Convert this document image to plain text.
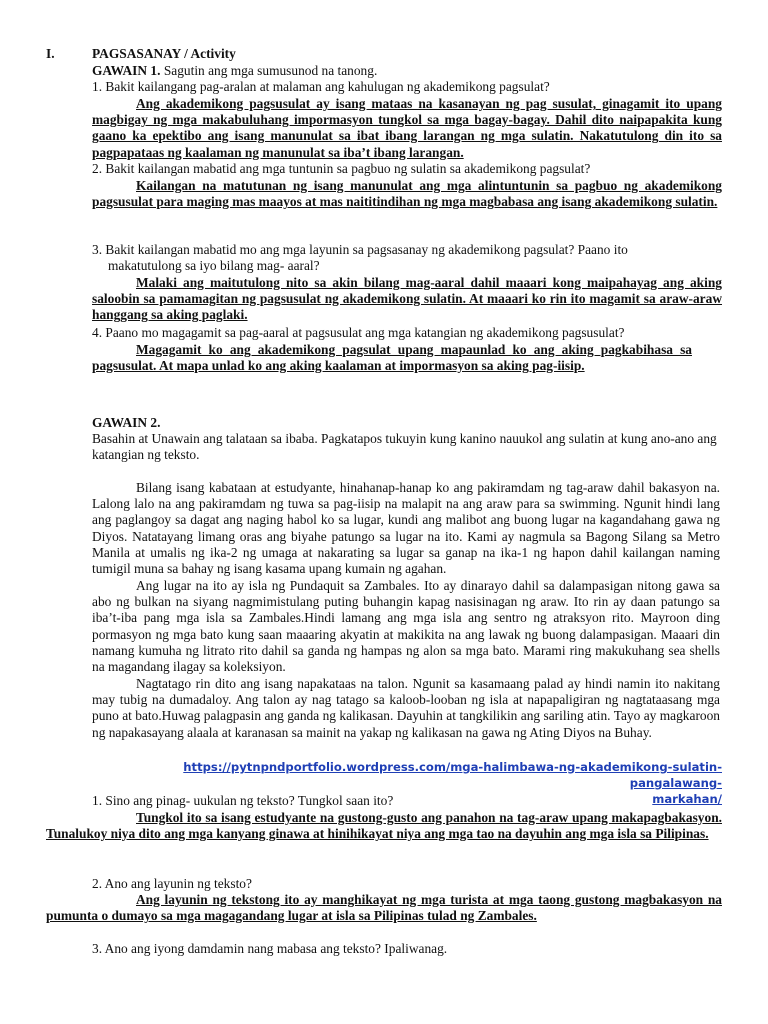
I.	PAGSASANAY / Activity
GAWAIN 1. Sagutin ang mga sumusunod na tanong.
1. Bakit kailangang pag-aralan at malaman ang kahulugan ng akademikong pagsulat?
Ang akademikong pagsusulat ay isang mataas na kasanayan ng pag susulat, ginagamit ito upang magbigay ng mga makabuluhang impormasyon tungkol sa mga bagay-bagay. Dahil dito naipapakita kung gaano ka epektibo ang isang manunulat sa ibat ibang larangan ng mga sulatin. Nakatutulong din ito sa pagpapataas ng kaalaman ng manunulat sa iba’t ibang larangan.
2. Bakit kailangan mabatid ang mga tuntunin sa pagbuo ng sulatin sa akademikong pagsulat?
Kailangan na matutunan ng isang manunulat ang mga alintuntunin sa pagbuo ng akademikong pagsusulat para maging mas maayos at mas naititindihan ng mga magbabasa ang isang akademikong sulatin.
3. Bakit kailangan mabatid mo ang mga layunin sa pagsasanay ng akademikong pagsulat? Paano ito
makatutulong sa iyo bilang mag- aaral?
Malaki ang maitutulong nito sa akin bilang mag-aaral dahil maaari kong maipahayag ang aking saloobin sa pamamagitan ng pagsusulat ng akademikong sulatin. At maaari ko rin ito magamit sa araw-araw hanggang sa aking paglaki.
4. Paano mo magagamit sa pag-aaral at pagsusulat ang mga katangian ng akademikong pagsusulat?
Magagamit ko ang akademikong pagsulat upang mapaunlad ko ang aking pagkabihasa sa pagsusulat. At mapa unlad ko ang aking kaalaman at impormasyon sa aking pag-iisip.
GAWAIN 2.
Basahin at Unawain ang talataan sa ibaba. Pagkatapos tukuyin kung kanino nauukol ang sulatin at kung ano-ano ang katangian ng teksto.
Bilang isang kabataan at estudyante, hinahanap-hanap ko ang pakiramdam ng tag-araw dahil bakasyon na. Lalong lalo na ang pakiramdam ng tuwa sa pag-iisip na malapit na ang araw para sa swimming. Ngunit hindi lang ang paglangoy sa dagat ang naging habol ko sa lugar, kundi ang malibot ang buong lugar na kagandahang gawa ng Diyos. Natatayang limang oras ang biyahe patungo sa lugar na ito. Kami ay nagmula sa Bagong Silang sa Metro Manila at umalis ng ika-2 ng umaga at nakarating sa lugar sa ganap na ika-1 ng hapon dahil kailangan naming tumigil muna sa bahay ng isang kasama upang kumain ng agahan.
Ang lugar na ito ay isla ng Pundaquit sa Zambales. Ito ay dinarayo dahil sa dalampasigan nitong gawa sa abo ng bulkan na siyang nagmimistulang puting buhangin kapag nasisinagan ng araw. Ito rin ay daan patungo sa iba’t-iba pang mga isla sa Zambales.Hindi lamang ang mga isla ang sentro ng atraksyon rito. Mayroon ding pormasyon ng mga bato kung saan maaaring akyatin at makikita na ang lawak ng buong dalampasigan. Maaari din namang kumuha ng litrato rito dahil sa ganda ng hampas ng alon sa mga bato. Marami ring makukuhang sea shells na magandang ilagay sa koleksiyon.
Nagtatago rin dito ang isang napakataas na talon. Ngunit sa kasamaang palad ay hindi namin ito nakitang may tubig na dumadaloy. Ang talon ay nag tatago sa kaloob-looban ng isla at napapaligiran ng nagtataasang mga puno at bato.Huwag palagpasin ang ganda ng kalikasan. Dayuhin at tangkilikin ang sariling atin. Tayo ay magkaroon ng napakasayang alaala at karanasan sa mainit na yakap ng kalikasan na gawa ng Ating Diyos na Buhay.
https://pytnpndportfolio.wordpress.com/mga-halimbawa-ng-akademikong-sulatin-pangalawang-
markahan/
1. Sino ang pinag- uukulan ng teksto? Tungkol saan ito?
Tungkol ito sa isang estudyante na gustong-gusto ang panahon na tag-araw upang makapagbakasyon. Tunalukoy niya dito ang mga kanyang ginawa at hinihikayat niya ang mga tao na dayuhin ang mga isla sa Pilipinas.
2. Ano ang layunin ng teksto?
Ang layunin ng tekstong ito ay manghikayat ng mga turista at mga taong gustong magbakasyon na pumunta o dumayo sa mga magagandang lugar at isla sa Pilipinas tulad ng Zambales.
3. Ano ang iyong damdamin nang mabasa ang teksto? Ipaliwanag.
